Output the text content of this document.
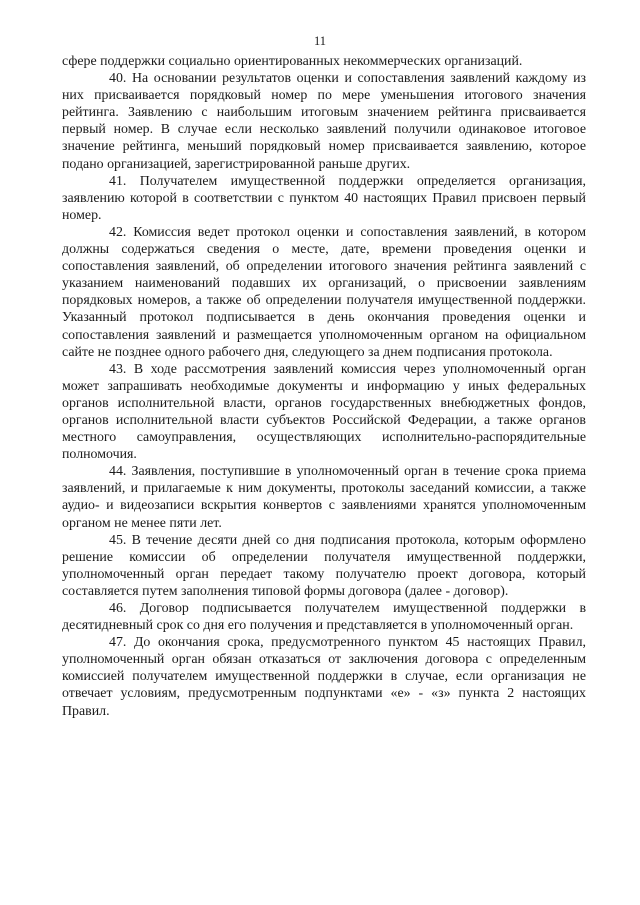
11

сфере поддержки социально ориентированных некоммерческих организаций.

40. На основании результатов оценки и сопоставления заявлений каждому из них присваивается порядковый номер по мере уменьшения итогового значения рейтинга. Заявлению с наибольшим итоговым значением рейтинга присваивается первый номер. В случае если несколько заявлений получили одинаковое итоговое значение рейтинга, меньший порядковый номер присваивается заявлению, которое подано организацией, зарегистрированной раньше других.

41. Получателем имущественной поддержки определяется организация, заявлению которой в соответствии с пунктом 40 настоящих Правил присвоен первый номер.

42. Комиссия ведет протокол оценки и сопоставления заявлений, в котором должны содержаться сведения о месте, дате, времени проведения оценки и сопоставления заявлений, об определении итогового значения рейтинга заявлений с указанием наименований подавших их организаций, о присвоении заявлениям порядковых номеров, а также об определении получателя имущественной поддержки. Указанный протокол подписывается в день окончания проведения оценки и сопоставления заявлений и размещается уполномоченным органом на официальном сайте не позднее одного рабочего дня, следующего за днем подписания протокола.

43. В ходе рассмотрения заявлений комиссия через уполномоченный орган может запрашивать необходимые документы и информацию у иных федеральных органов исполнительной власти, органов государственных внебюджетных фондов, органов исполнительной власти субъектов Российской Федерации, а также органов местного самоуправления, осуществляющих исполнительно-распорядительные полномочия.

44. Заявления, поступившие в уполномоченный орган в течение срока приема заявлений, и прилагаемые к ним документы, протоколы заседаний комиссии, а также аудио- и видеозаписи вскрытия конвертов с заявлениями хранятся уполномоченным органом не менее пяти лет.

45. В течение десяти дней со дня подписания протокола, которым оформлено решение комиссии об определении получателя имущественной поддержки, уполномоченный орган передает такому получателю проект договора, который составляется путем заполнения типовой формы договора (далее - договор).

46. Договор подписывается получателем имущественной поддержки в десятидневный срок со дня его получения и представляется в уполномоченный орган.

47. До окончания срока, предусмотренного пунктом 45 настоящих Правил, уполномоченный орган обязан отказаться от заключения договора с определенным комиссией получателем имущественной поддержки в случае, если организация не отвечает условиям, предусмотренным подпунктами «е» - «з» пункта 2 настоящих Правил.
